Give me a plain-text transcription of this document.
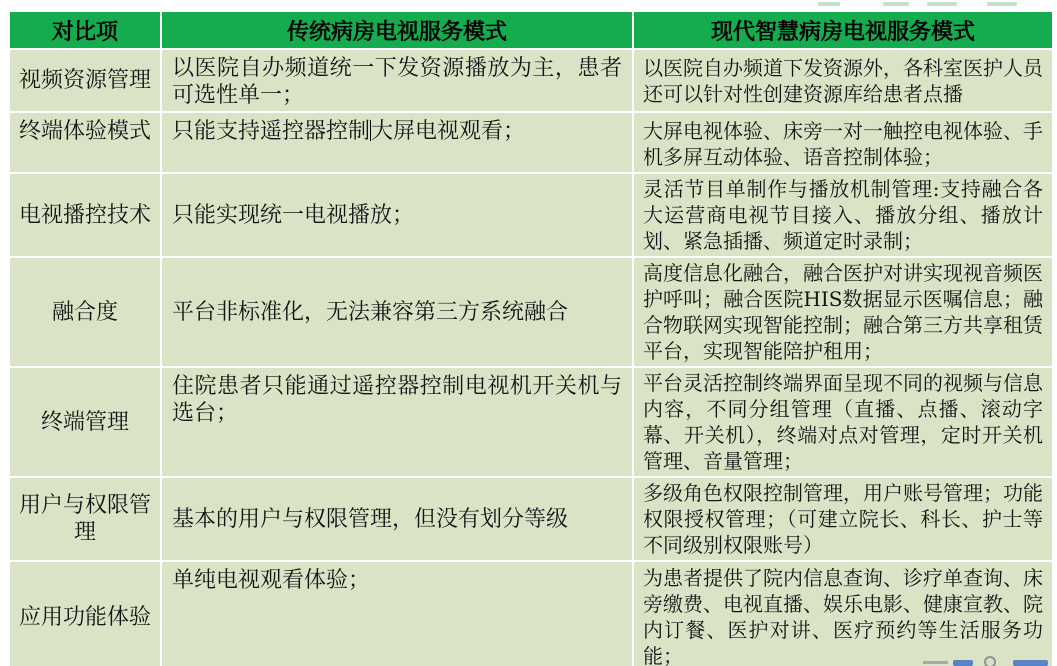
对比项	传统病房电视服务模式	现代智慧病房电视服务模式
视频资源管理	以医院自办频道统一下发资源播放为主，患者可选性单一；	以医院自办频道下发资源外，各科室医护人员还可以针对性创建资源库给患者点播
终端体验模式	只能支持遥控器控制大屏电视观看；	大屏电视体验、床旁一对一触控电视体验、手机多屏互动体验、语音控制体验；
电视播控技术	只能实现统一电视播放；	灵活节目单制作与播放机制管理:支持融合各大运营商电视节目接入、播放分组、播放计划、紧急插播、频道定时录制；
融合度	平台非标准化，无法兼容第三方系统融合	高度信息化融合，融合医护对讲实现视音频医护呼叫；融合医院HIS数据显示医嘱信息；融合物联网实现智能控制；融合第三方共享租赁平台，实现智能陪护租用；
终端管理	住院患者只能通过遥控器控制电视机开关机与选台；	平台灵活控制终端界面呈现不同的视频与信息内容，不同分组管理（直播、点播、滚动字幕、开关机），终端对点对管理，定时开关机管理、音量管理；
用户与权限管理	基本的用户与权限管理，但没有划分等级	多级角色权限控制管理，用户账号管理；功能权限授权管理；（可建立院长、科长、护士等不同级别权限账号）
应用功能体验	单纯电视观看体验；	为患者提供了院内信息查询、诊疗单查询、床旁缴费、电视直播、娱乐电影、健康宣教、院内订餐、医护对讲、医疗预约等生活服务功能；
